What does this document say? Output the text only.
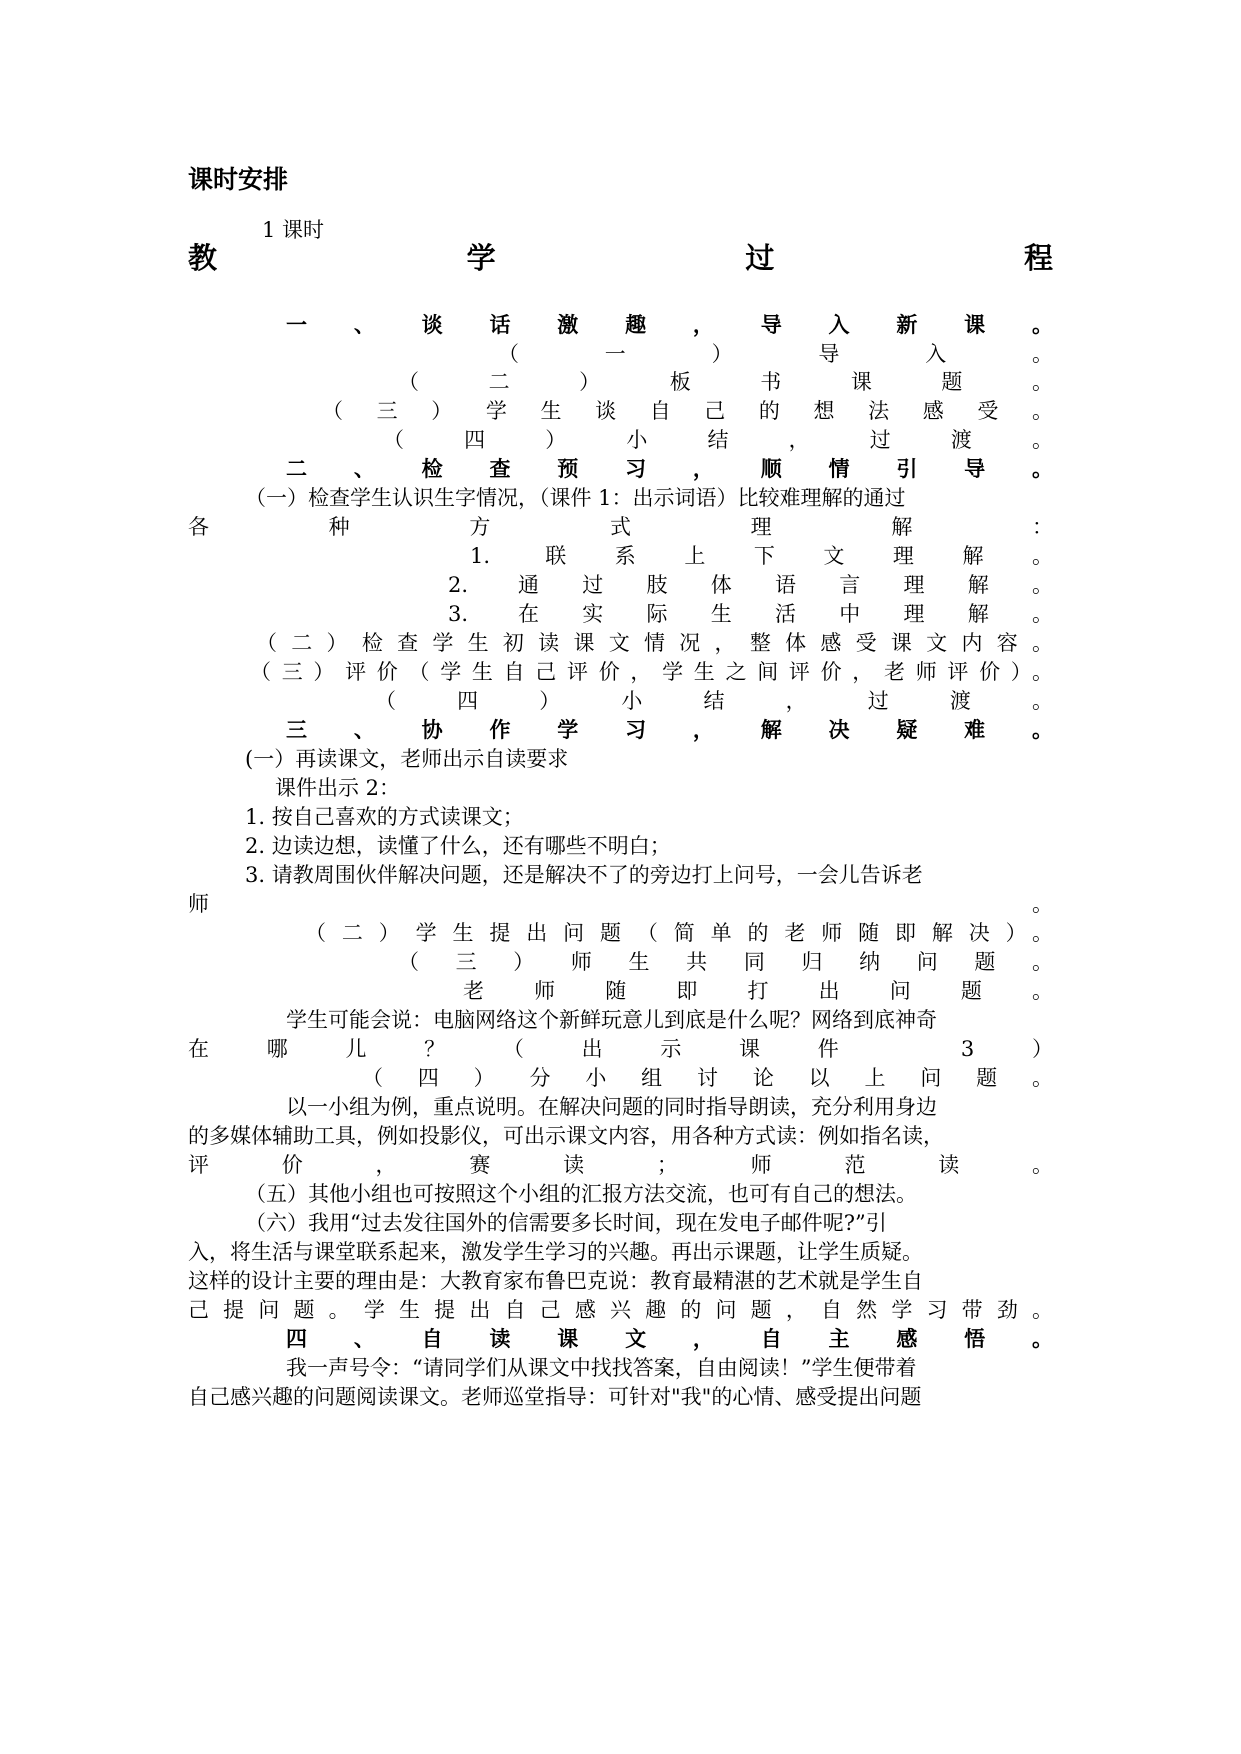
课时安排
1 课时
教学过程
一、谈话激趣，导入新课。
（一）导入。
（二）板书课题。
（三）学生谈自己的想法感受。
（四）小结，过渡。
二、检查预习，顺情引导。
（一）检查学生认识生字情况，（课件 1：出示词语）比较难理解的通过
各种方式理解：
1. 联系上下文理解。
2. 通过肢体语言理解。
3. 在实际生活中理解。
（二）检查学生初读课文情况，整体感受课文内容。
（三）评价（学生自己评价，学生之间评价，老师评价）。
（四）小结，过渡。
三、协作学习，解决疑难。
(一）再读课文，老师出示自读要求
课件出示 2：
1. 按自己喜欢的方式读课文；
2. 边读边想，读懂了什么，还有哪些不明白；
3. 请教周围伙伴解决问题，还是解决不了的旁边打上问号，一会儿告诉老
师。
（二）学生提出问题（简单的老师随即解决）。
（三）师生共同归纳问题。
老师随即打出问题。
学生可能会说：电脑网络这个新鲜玩意儿到底是什么呢？网络到底神奇
在哪儿？（出示课件 3）
（四）分小组讨论以上问题。
以一小组为例，重点说明。在解决问题的同时指导朗读，充分利用身边
的多媒体辅助工具，例如投影仪，可出示课文内容，用各种方式读：例如指名读，
评价，赛读；师范读。
（五）其他小组也可按照这个小组的汇报方法交流，也可有自己的想法。
（六）我用“过去发往国外的信需要多长时间，现在发电子邮件呢?”引
入，将生活与课堂联系起来，激发学生学习的兴趣。再出示课题，让学生质疑。
这样的设计主要的理由是：大教育家布鲁巴克说：教育最精湛的艺术就是学生自
己提问题。学生提出自己感兴趣的问题，自然学习带劲。
四、自读课文，自主感悟。
我一声号令：“请同学们从课文中找找答案，自由阅读！”学生便带着
自己感兴趣的问题阅读课文。老师巡堂指导：可针对"我"的心情、感受提出问题
